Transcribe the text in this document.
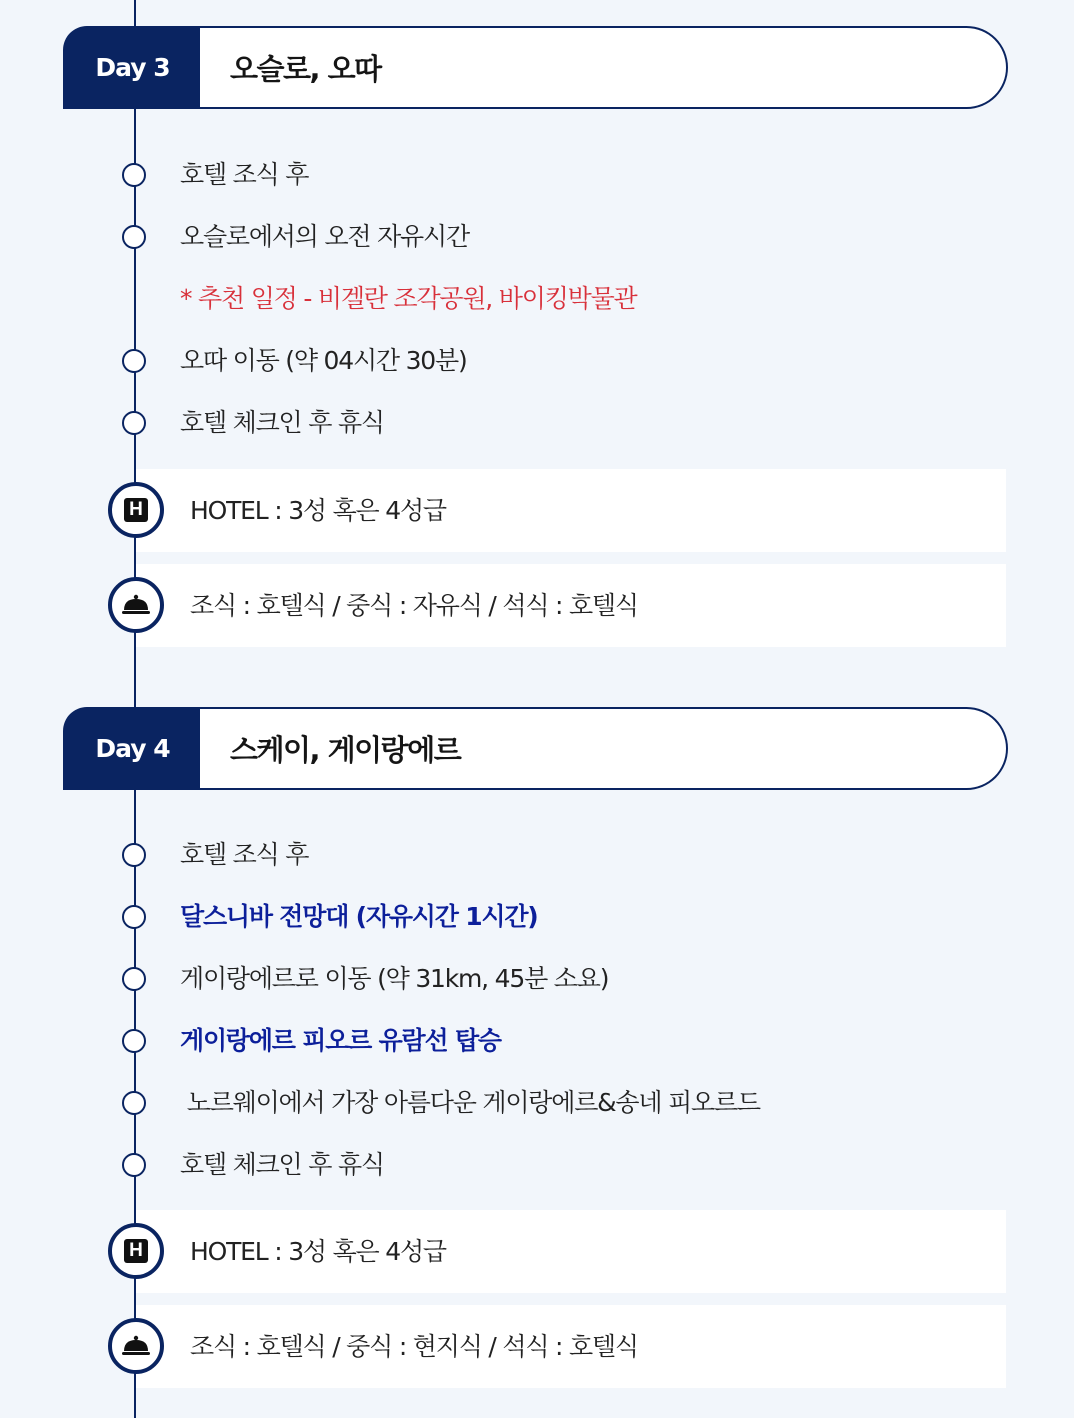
Day 3	오슬로, 오따
호텔 조식 후
오슬로에서의 오전 자유시간
* 추천 일정 - 비겔란 조각공원, 바이킹박물관
오따 이동 (약 04시간 30분)
호텔 체크인 후 휴식
HOTEL : 3성 혹은 4성급
H
조식 : 호텔식 / 중식 : 자유식 / 석식 : 호텔식
Day 4	스케이, 게이랑에르
호텔 조식 후
달스니바 전망대 (자유시간 1시간)
게이랑에르로 이동 (약 31km, 45분 소요)
게이랑에르 피오르 유람선 탑승
노르웨이에서 가장 아름다운 게이랑에르&송네 피오르드
호텔 체크인 후 휴식
HOTEL : 3성 혹은 4성급
H
조식 : 호텔식 / 중식 : 현지식 / 석식 : 호텔식
